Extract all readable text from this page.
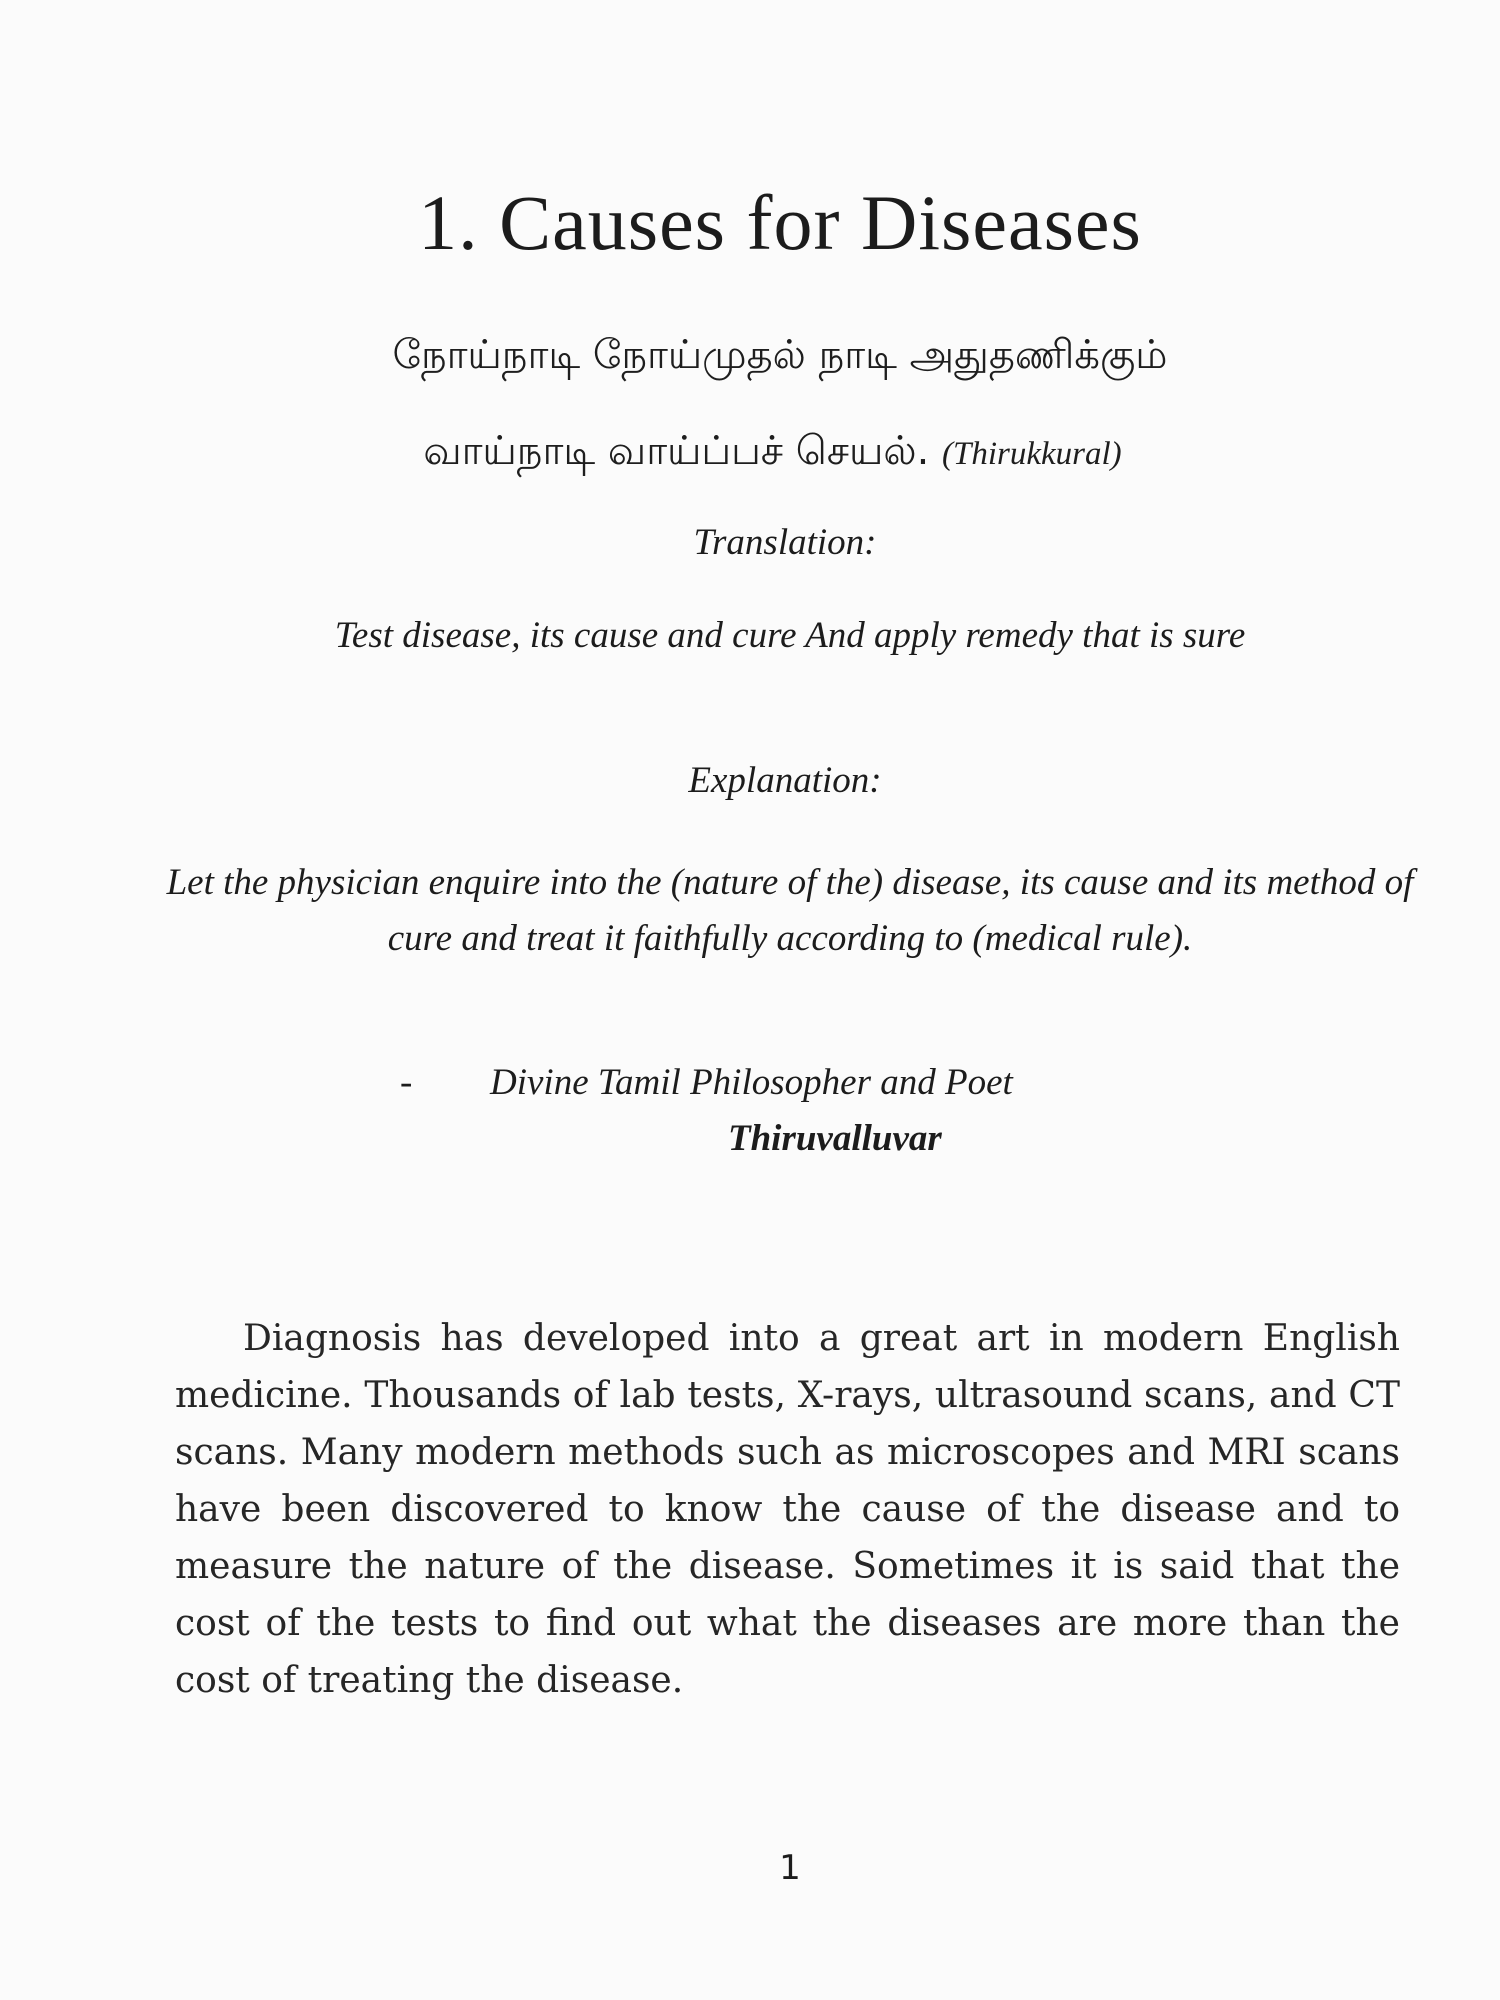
1. Causes for Diseases
நோய்நாடி நோய்முதல் நாடி அதுதணிக்கும்
வாய்நாடி வாய்ப்பச் செயல். (Thirukkural)
Translation:

Test disease, its cause and cure And apply remedy that is sure

Explanation:

Let the physician enquire into the (nature of the) disease, its cause and its method of cure and treat it faithfully according to (medical rule).

- Divine Tamil Philosopher and Poet
Thiruvalluvar

Diagnosis has developed into a great art in modern English medicine. Thousands of lab tests, X-rays, ultrasound scans, and CT scans. Many modern methods such as microscopes and MRI scans have been discovered to know the cause of the disease and to measure the nature of the disease. Sometimes it is said that the cost of the tests to find out what the diseases are more than the cost of treating the disease.

1
